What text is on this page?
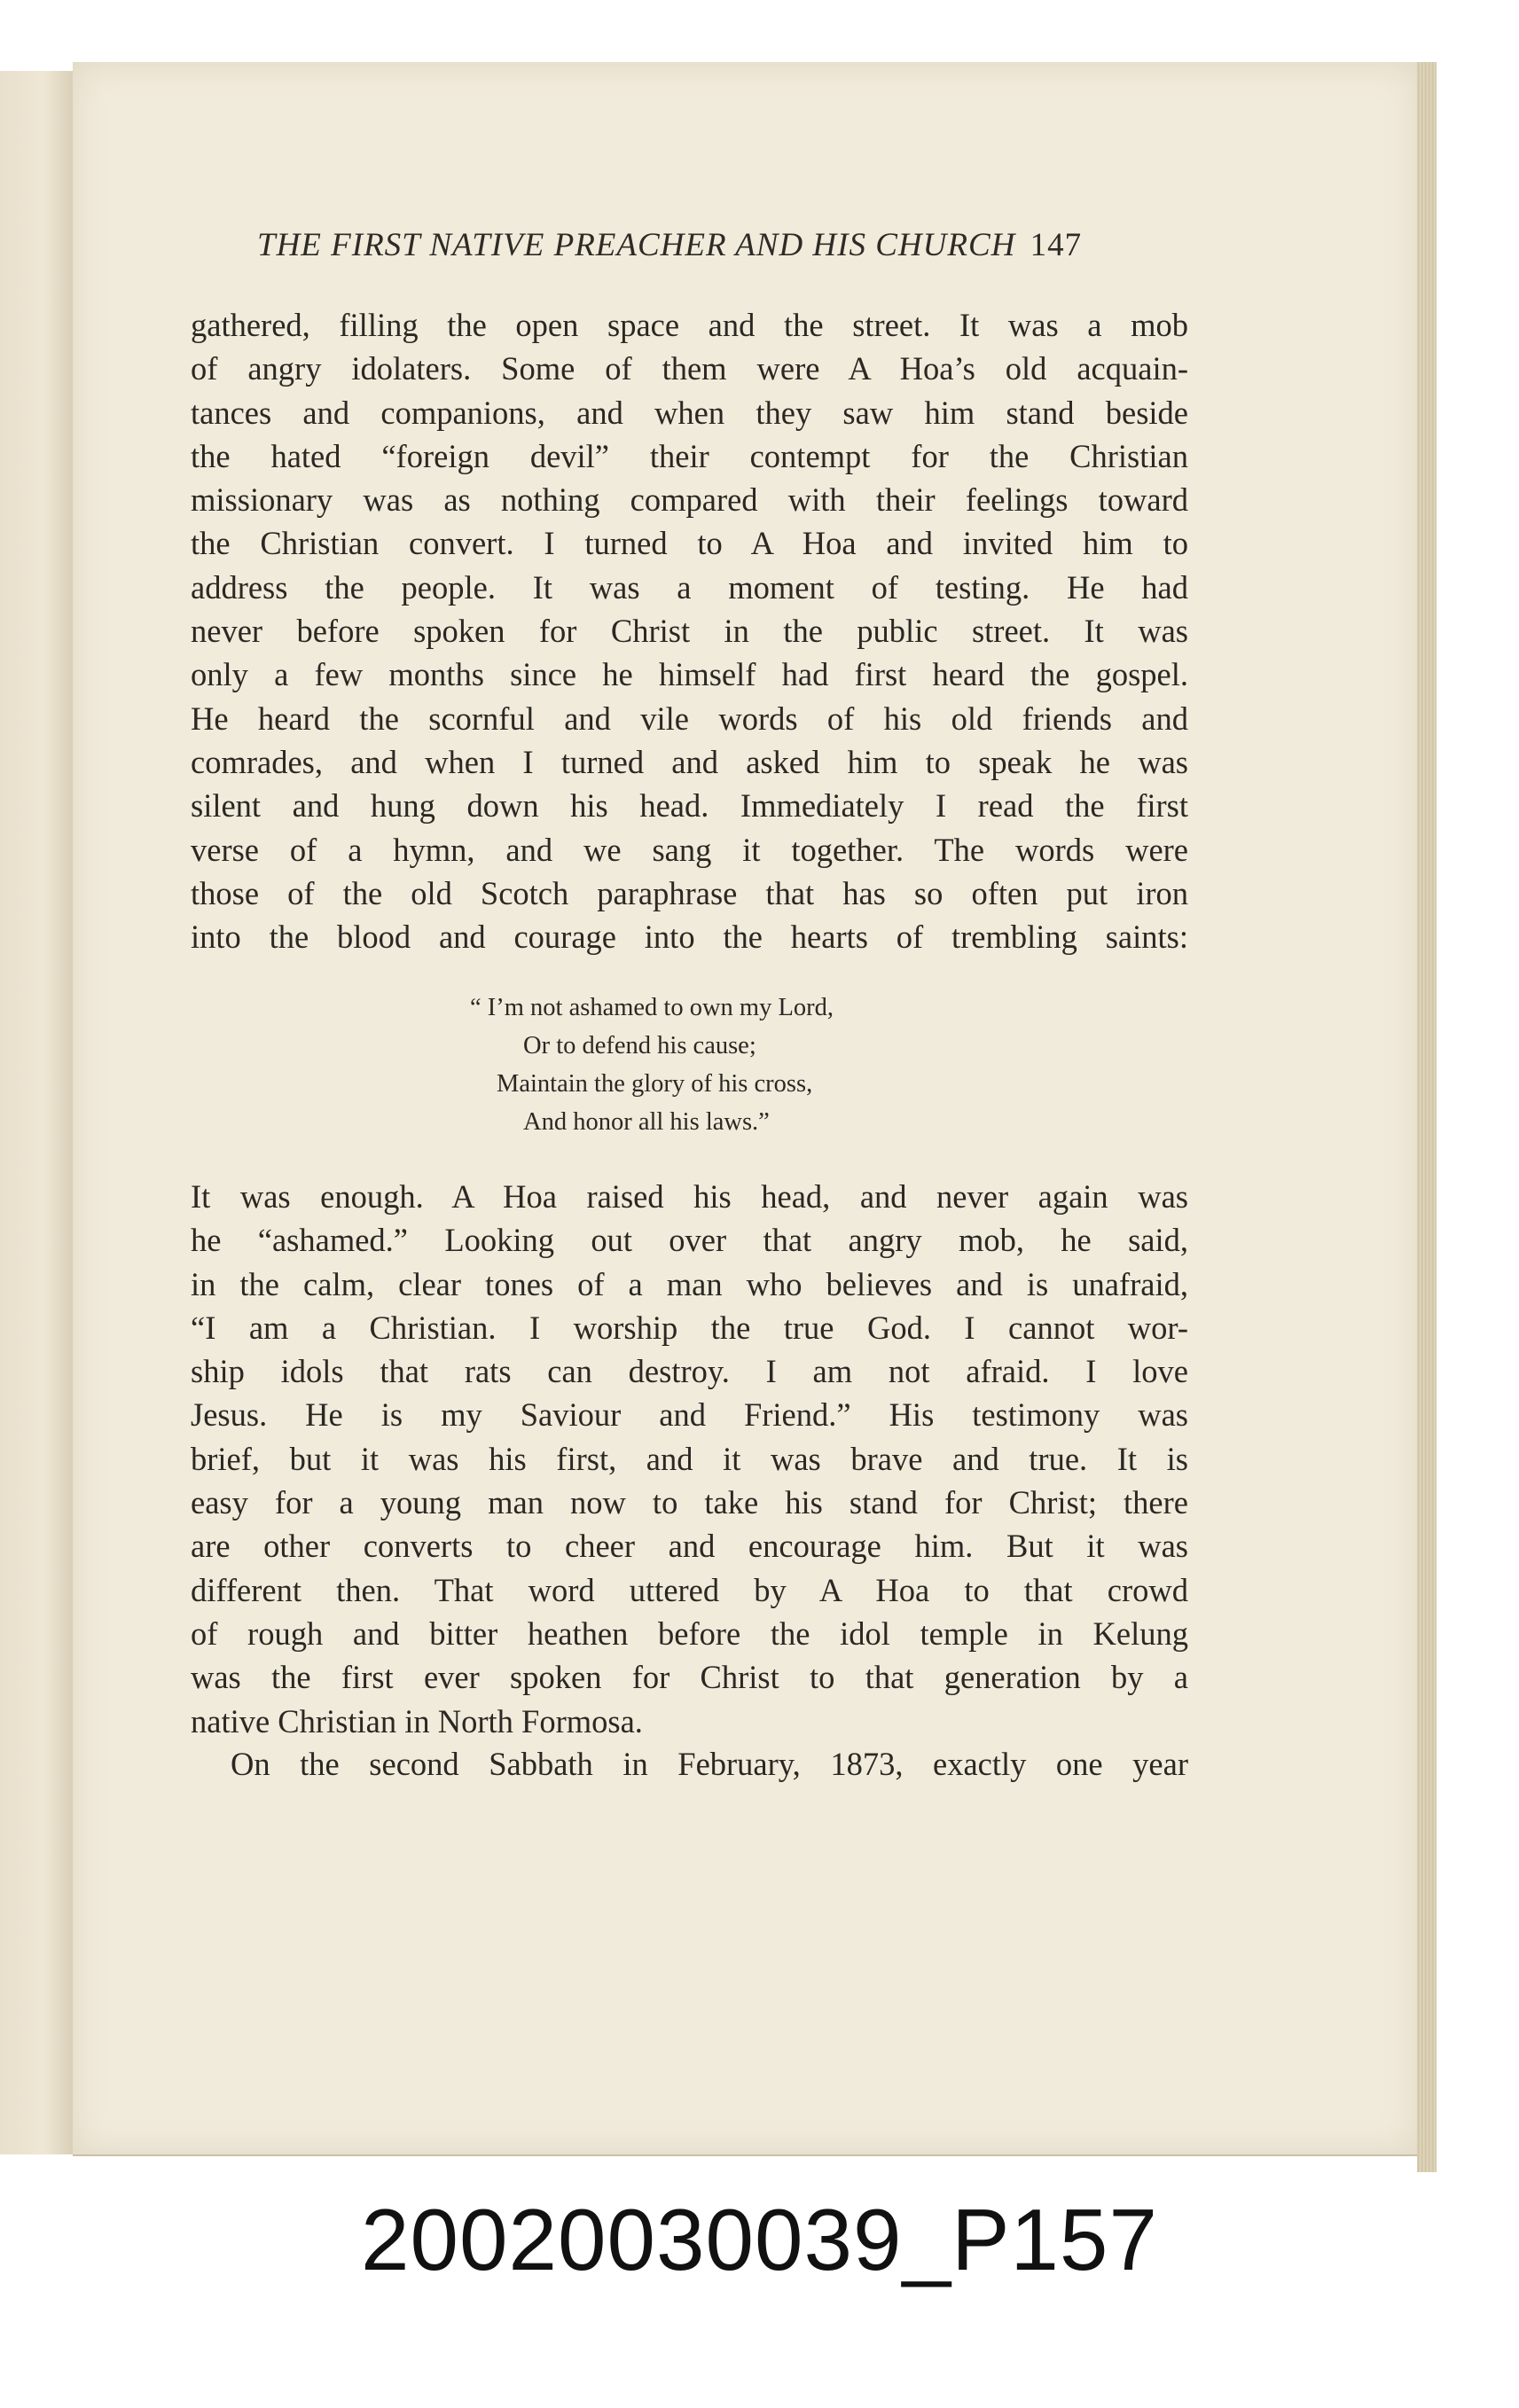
THE FIRST NATIVE PREACHER AND HIS CHURCH 147
gathered, filling the open space and the street. It was a mob
of angry idolaters. Some of them were A Hoa’s old acquain-
tances and companions, and when they saw him stand beside
the hated “foreign devil” their contempt for the Christian
missionary was as nothing compared with their feelings toward
the Christian convert. I turned to A Hoa and invited him to
address the people. It was a moment of testing. He had
never before spoken for Christ in the public street. It was
only a few months since he himself had first heard the gospel.
He heard the scornful and vile words of his old friends and
comrades, and when I turned and asked him to speak he was
silent and hung down his head. Immediately I read the first
verse of a hymn, and we sang it together. The words were
those of the old Scotch paraphrase that has so often put iron
into the blood and courage into the hearts of trembling saints:
“ I’m not ashamed to own my Lord,
Or to defend his cause;
Maintain the glory of his cross,
And honor all his laws.”
It was enough. A Hoa raised his head, and never again was
he “ashamed.” Looking out over that angry mob, he said,
in the calm, clear tones of a man who believes and is unafraid,
“I am a Christian. I worship the true God. I cannot wor-
ship idols that rats can destroy. I am not afraid. I love
Jesus. He is my Saviour and Friend.” His testimony was
brief, but it was his first, and it was brave and true. It is
easy for a young man now to take his stand for Christ; there
are other converts to cheer and encourage him. But it was
different then. That word uttered by A Hoa to that crowd
of rough and bitter heathen before the idol temple in Kelung
was the first ever spoken for Christ to that generation by a
native Christian in North Formosa.
On the second Sabbath in February, 1873, exactly one year
20020030039_P157
